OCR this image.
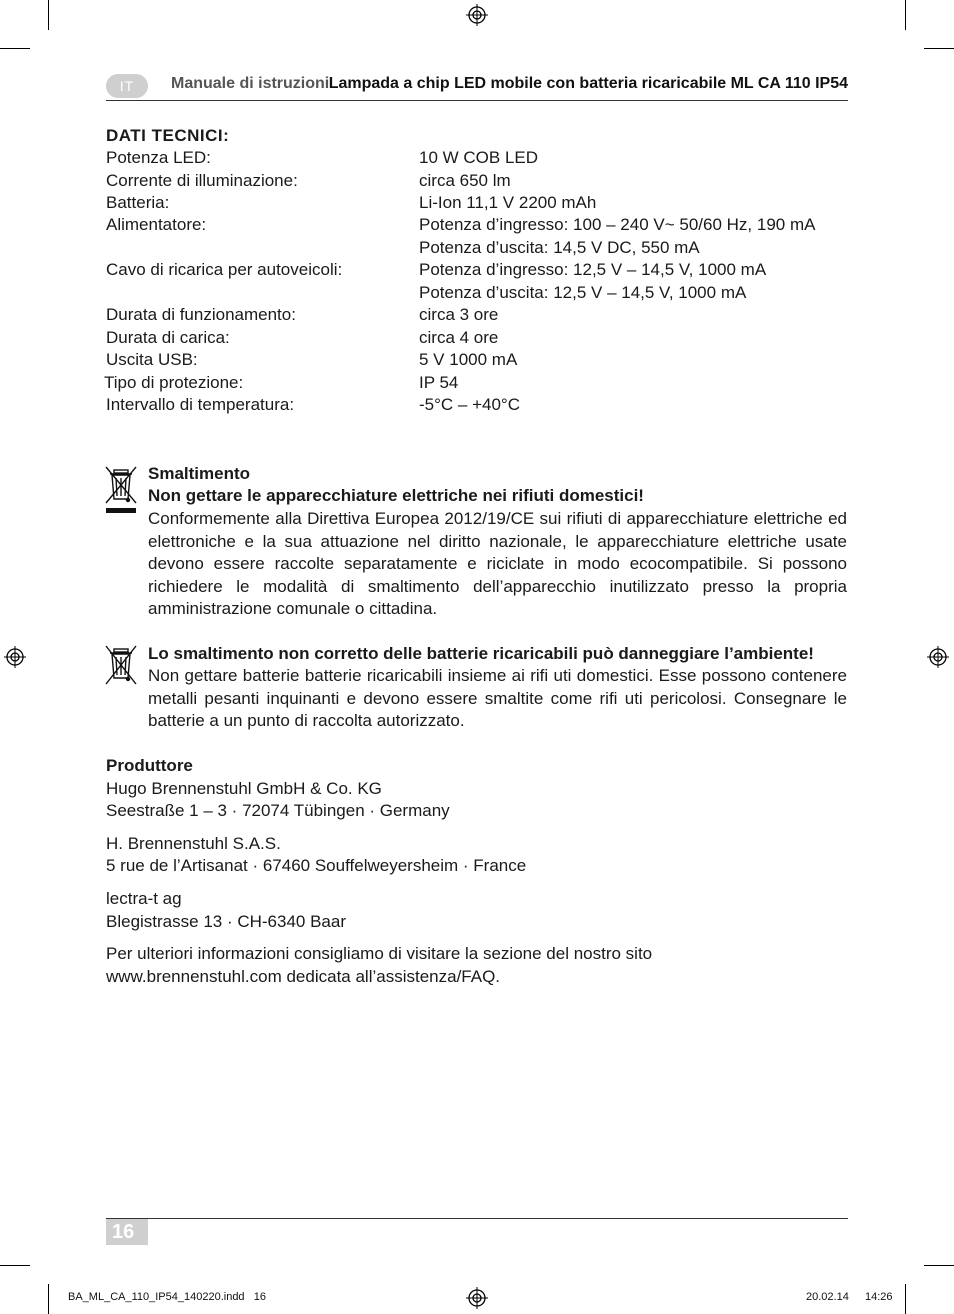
IT	Manuale di istruzioni Lampada a chip LED mobile con batteria ricaricabile ML CA 110 IP54
DATI TECNICI:
Potenza LED:	10 W COB LED
Corrente di illuminazione:	circa 650 lm
Batteria:	Li-Ion 11,1 V 2200 mAh
Alimentatore:	Potenza d’ingresso: 100 – 240 V~ 50/60 Hz, 190 mA
Potenza d’uscita: 14,5 V DC, 550 mA
Cavo di ricarica per autoveicoli:	Potenza d’ingresso: 12,5 V – 14,5 V, 1000 mA
Potenza d’uscita: 12,5 V – 14,5 V, 1000 mA
Durata di funzionamento:	circa 3 ore
Durata di carica:	circa 4 ore
Uscita USB:	5 V 1000 mA
Tipo di protezione:	IP 54
Intervallo di temperatura:	-5°C – +40°C
Smaltimento
Non gettare le apparecchiature elettriche nei rifiuti domestici!
Conformemente alla Direttiva Europea 2012/19/CE sui rifiuti di apparecchiature elettriche ed elettroniche e la sua attuazione nel diritto nazionale, le apparecchiature elettriche usate devono essere raccolte separatamente e riciclate in modo ecocompatibile. Si possono richiedere le modalità di smaltimento dell’apparecchio inutilizzato presso la propria amministrazione comunale o cittadina.
Lo smaltimento non corretto delle batterie ricaricabili può danneggiare l’ambiente!
Non gettare batterie batterie ricaricabili insieme ai rifi uti domestici. Esse possono contenere metalli pesanti inquinanti e devono essere smaltite come rifi uti pericolosi. Consegnare le batterie a un punto di raccolta autorizzato.
Produttore
Hugo Brennenstuhl GmbH & Co. KG
Seestraße 1 – 3 · 72074 Tübingen · Germany
H. Brennenstuhl S.A.S.
5 rue de l’Artisanat · 67460 Souffelweyersheim · France
lectra-t ag
Blegistrasse 13 · CH-6340 Baar
Per ulteriori informazioni consigliamo di visitare la sezione del nostro sito
www.brennenstuhl.com dedicata all’assistenza/FAQ.
16
BA_ML_CA_110_IP54_140220.indd   16	20.02.14 14:26
